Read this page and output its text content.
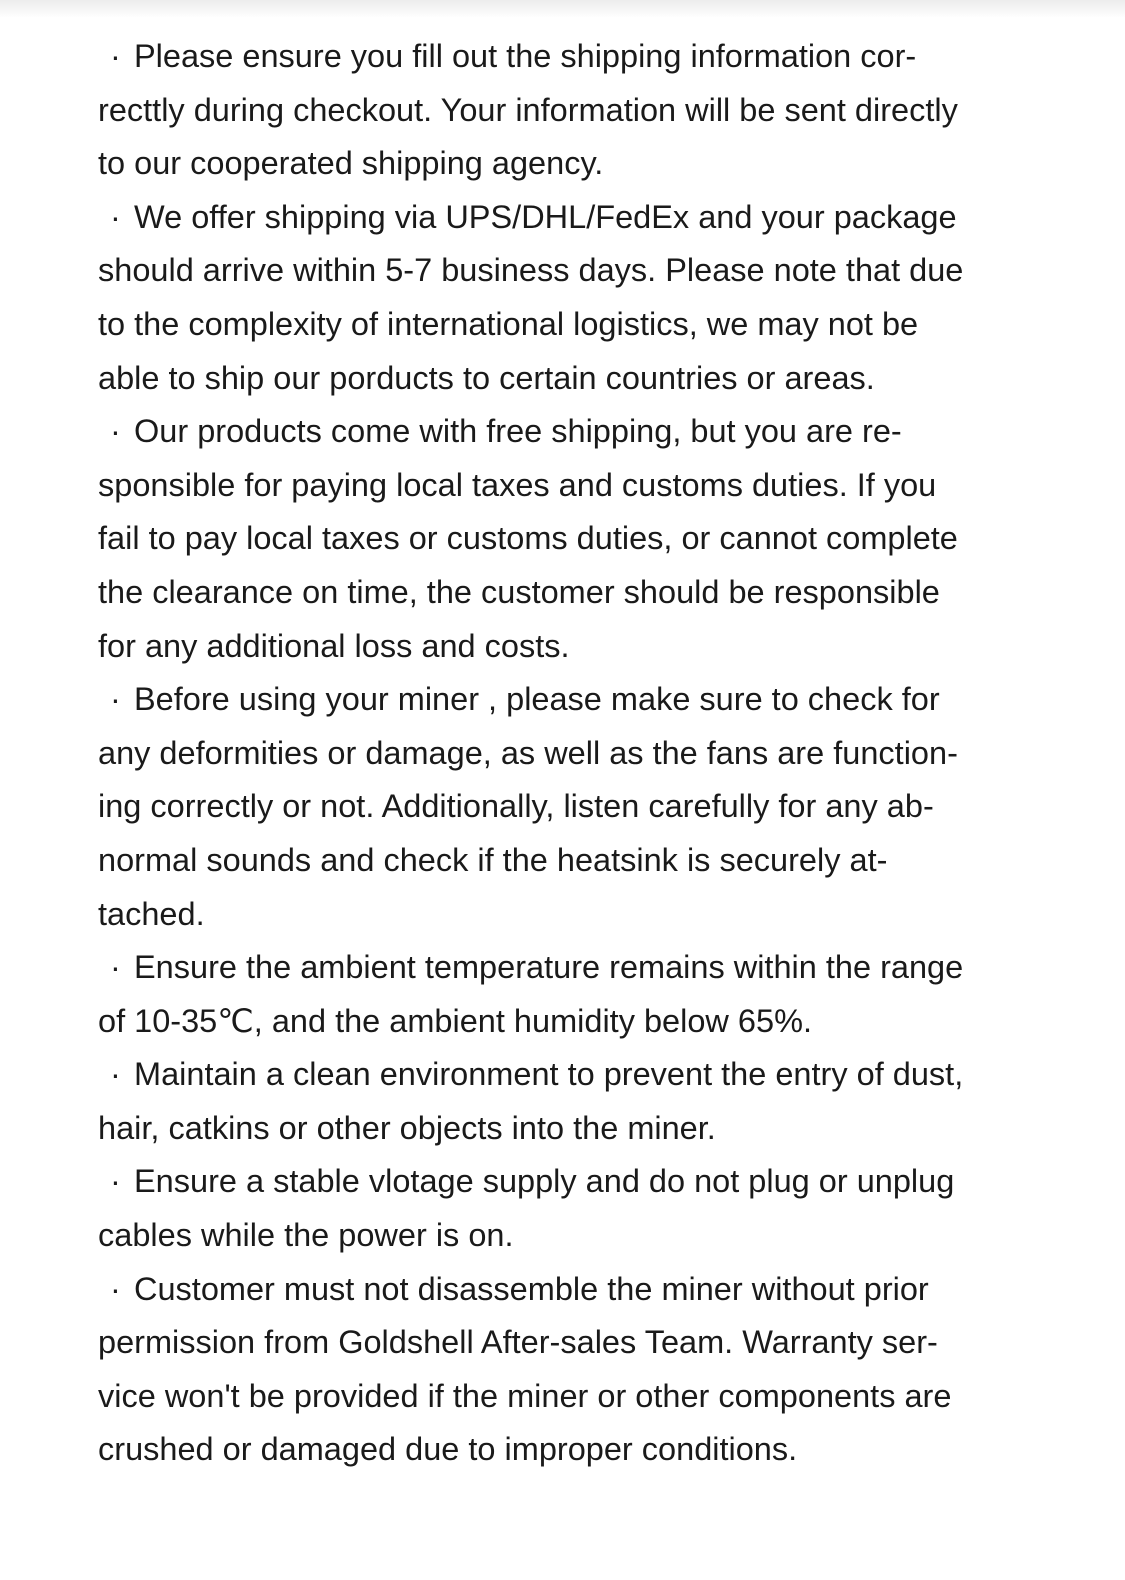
· Please ensure you fill out the shipping information cor-
recttly during checkout. Your information will be sent directly
to our cooperated shipping agency.
· We offer shipping via UPS/DHL/FedEx and your package
should arrive within 5-7 business days. Please note that due
to the complexity of international logistics, we may not be
able to ship our porducts to certain countries or areas.
· Our products come with free shipping, but you are re-
sponsible for paying local taxes and customs duties. If you
fail to pay local taxes or customs duties, or cannot complete
the clearance on time, the customer should be responsible
for any additional loss and costs.
· Before using your miner , please make sure to check for
any deformities or damage, as well as the fans are function-
ing correctly or not. Additionally, listen carefully for any ab-
normal sounds and check if the heatsink is securely at-
tached.
· Ensure the ambient temperature remains within the range
of 10-35℃, and the ambient humidity below 65%.
· Maintain a clean environment to prevent the entry of dust,
hair, catkins or other objects into the miner.
· Ensure a stable vlotage supply and do not plug or unplug
cables while the power is on.
· Customer must not disassemble the miner without prior
permission from Goldshell After-sales Team. Warranty ser-
vice won't be provided if the miner or other components are
crushed or damaged due to improper conditions.
